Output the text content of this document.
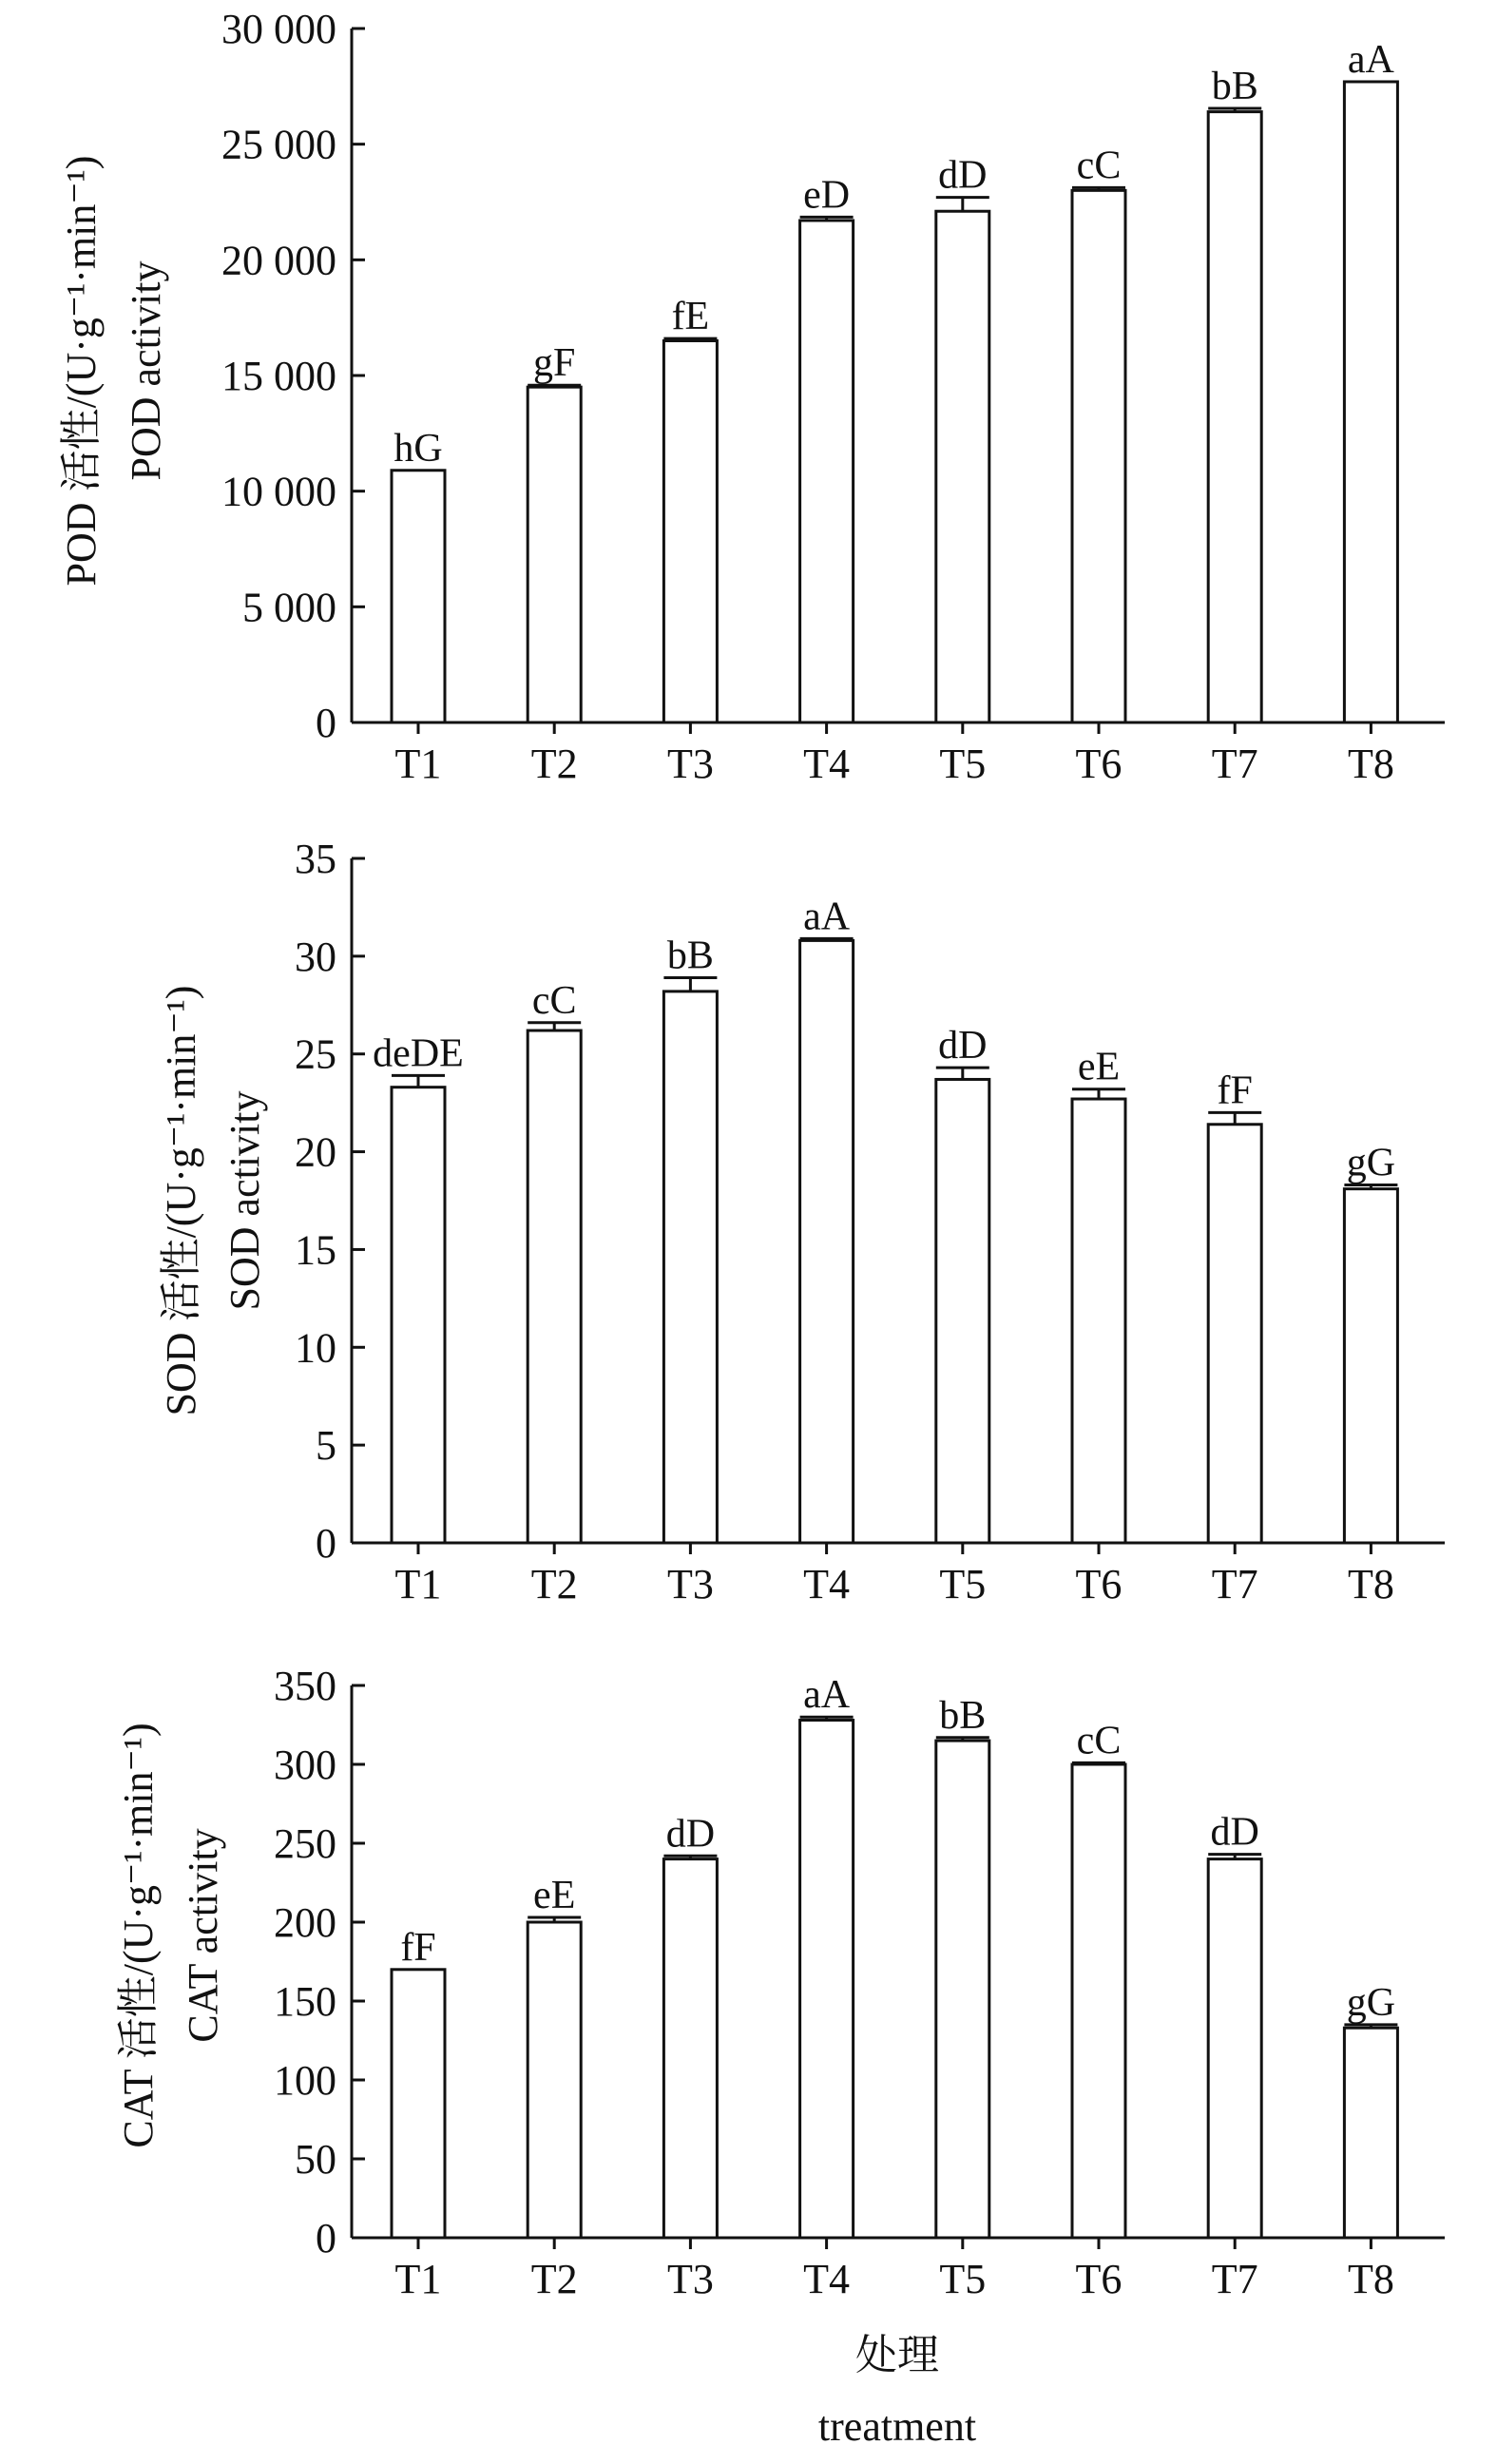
POD 活性/(U·g⁻¹·min⁻¹) POD activity
0
5 000
10 000
15 000
20 000
25 000
30 000
T1
hG
T2
gF
T3
fE
T4
eD
T5
dD
T6
cC
T7
bB
T8
aA
SOD 活性/(U·g⁻¹·min⁻¹) SOD activity
0
5
10
15
20
25
30
35
T1
deDE
T2
cC
T3
bB
T4
aA
T5
dD
T6
eE
T7
fF
T8
gG
CAT 活性/(U·g⁻¹·min⁻¹) CAT activity
处理
treatment
0
50
100
150
200
250
300
350
T1
fF
T2
eE
T3
dD
T4
aA
T5
bB
T6
cC
T7
dD
T8
gG
